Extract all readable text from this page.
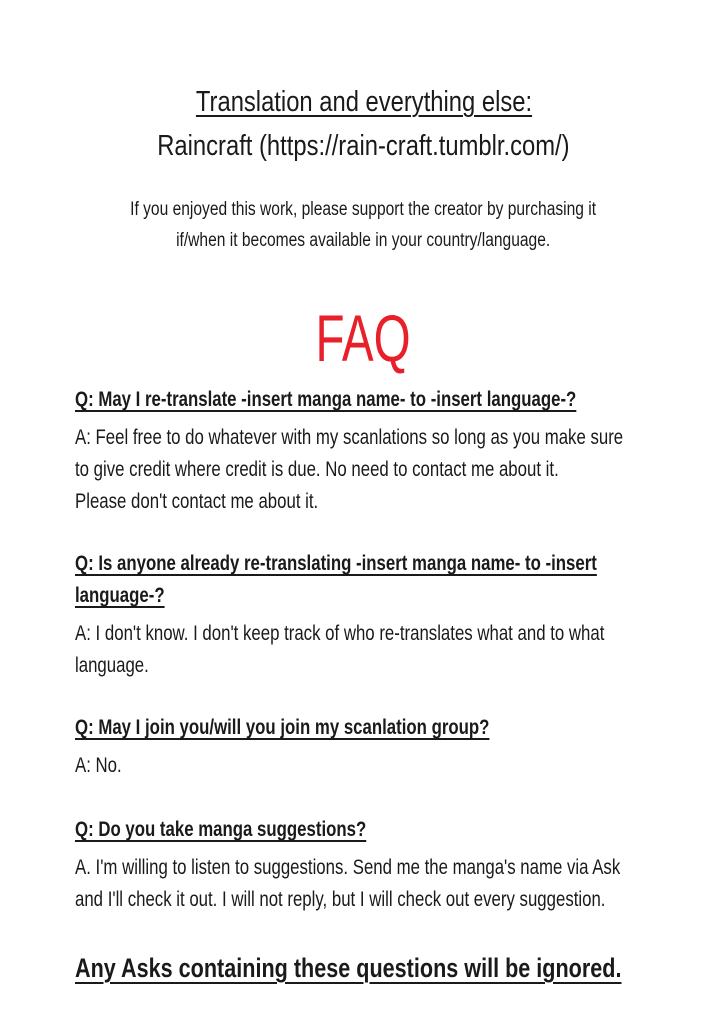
Translation and everything else:
Raincraft (https://rain-craft.tumblr.com/)
If you enjoyed this work, please support the creator by purchasing it
if/when it becomes available in your country/language.
FAQ
Q: May I re-translate -insert manga name- to -insert language-?
A: Feel free to do whatever with my scanlations so long as you make sure
to give credit where credit is due. No need to contact me about it.
Please don't contact me about it.
Q: Is anyone already re-translating -insert manga name- to -insert
language-?
A: I don't know. I don't keep track of who re-translates what and to what
language.
Q: May I join you/will you join my scanlation group?
A: No.
Q: Do you take manga suggestions?
A. I'm willing to listen to suggestions. Send me the manga's name via Ask
and I'll check it out. I will not reply, but I will check out every suggestion.
Any Asks containing these questions will be ignored.
